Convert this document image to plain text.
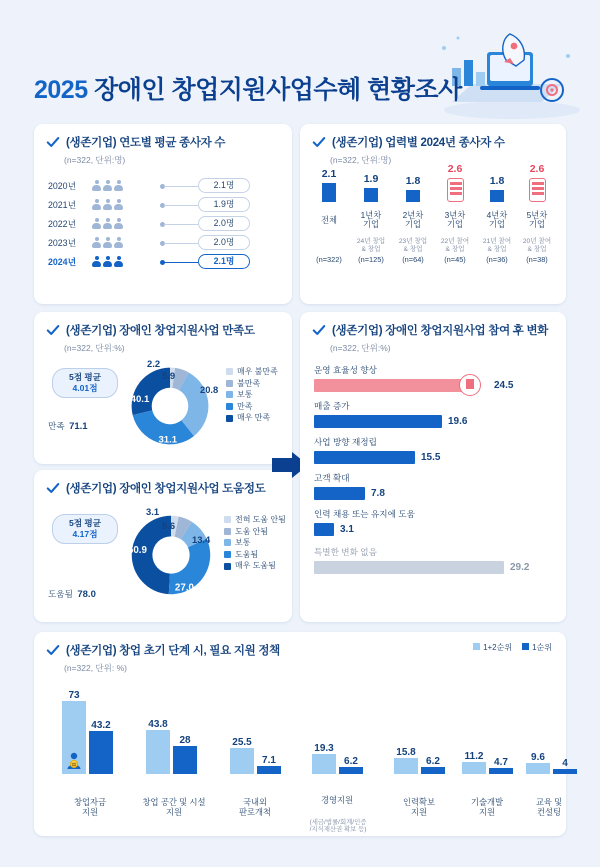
2025 장애인 창업지원사업수혜 현황조사
(생존기업) 연도별 평균 종사자 수
(n=322, 단위:명)
2020년	2.1명
2021년	1.9명
2022년	2.0명
2023년	2.0명
2024년	2.1명
(생존기업) 업력별 2024년 종사자 수
(n=322, 단위:명)
2.1
전체
(n=322)
1.9
1년차
기업
24년 창업
& 창업
(n=125)
1.8
2년차
기업
23년 창업
& 창업
(n=64)
2.6
3년차
기업
22년 참여
& 창업
(n=45)
1.8
4년차
기업
21년 참여
& 창업
(n=36)
2.6
5년차
기업
20년 참여
& 창업
(n=38)
(생존기업) 장애인 창업지원사업 만족도
(n=322, 단위:%)
5점 평균
4.01점
만족 71.1
40.1
31.1
2.2
5.9
20.8
매우 불만족
불만족
보통
만족
매우 만족
(생존기업) 장애인 창업지원사업 도움정도
5점 평균
4.17점
도움됨 78.0
50.9
27.0
3.1
5.6
13.4
전혀 도움 안됨
도움 안됨
보통
도움됨
매우 도움됨
(생존기업) 장애인 창업지원사업 참여 후 변화
(n=322, 단위:%)
운영 효율성 향상
24.5
매출 증가
19.6
사업 방향 재정립
15.5
고객 확대
7.8
인력 채용 또는 유지에 도움
3.1
특별한 변화 없음
29.2
(생존기업) 창업 초기 단계 시, 필요 지원 정책
(n=322, 단위: %)
1+2순위	1순위
73
₩
43.2
창업자금
지원
43.8
28
창업 공간 및 시설
지원
25.5
7.1
국내외
판로개척
19.3
6.2
경영지원
(세금/법률/회계/인증
/지식재산권 확보 등)
15.8
6.2
인력확보
지원
11.2
4.7
기술개발
지원
9.6
4
교육 및
컨설팅
